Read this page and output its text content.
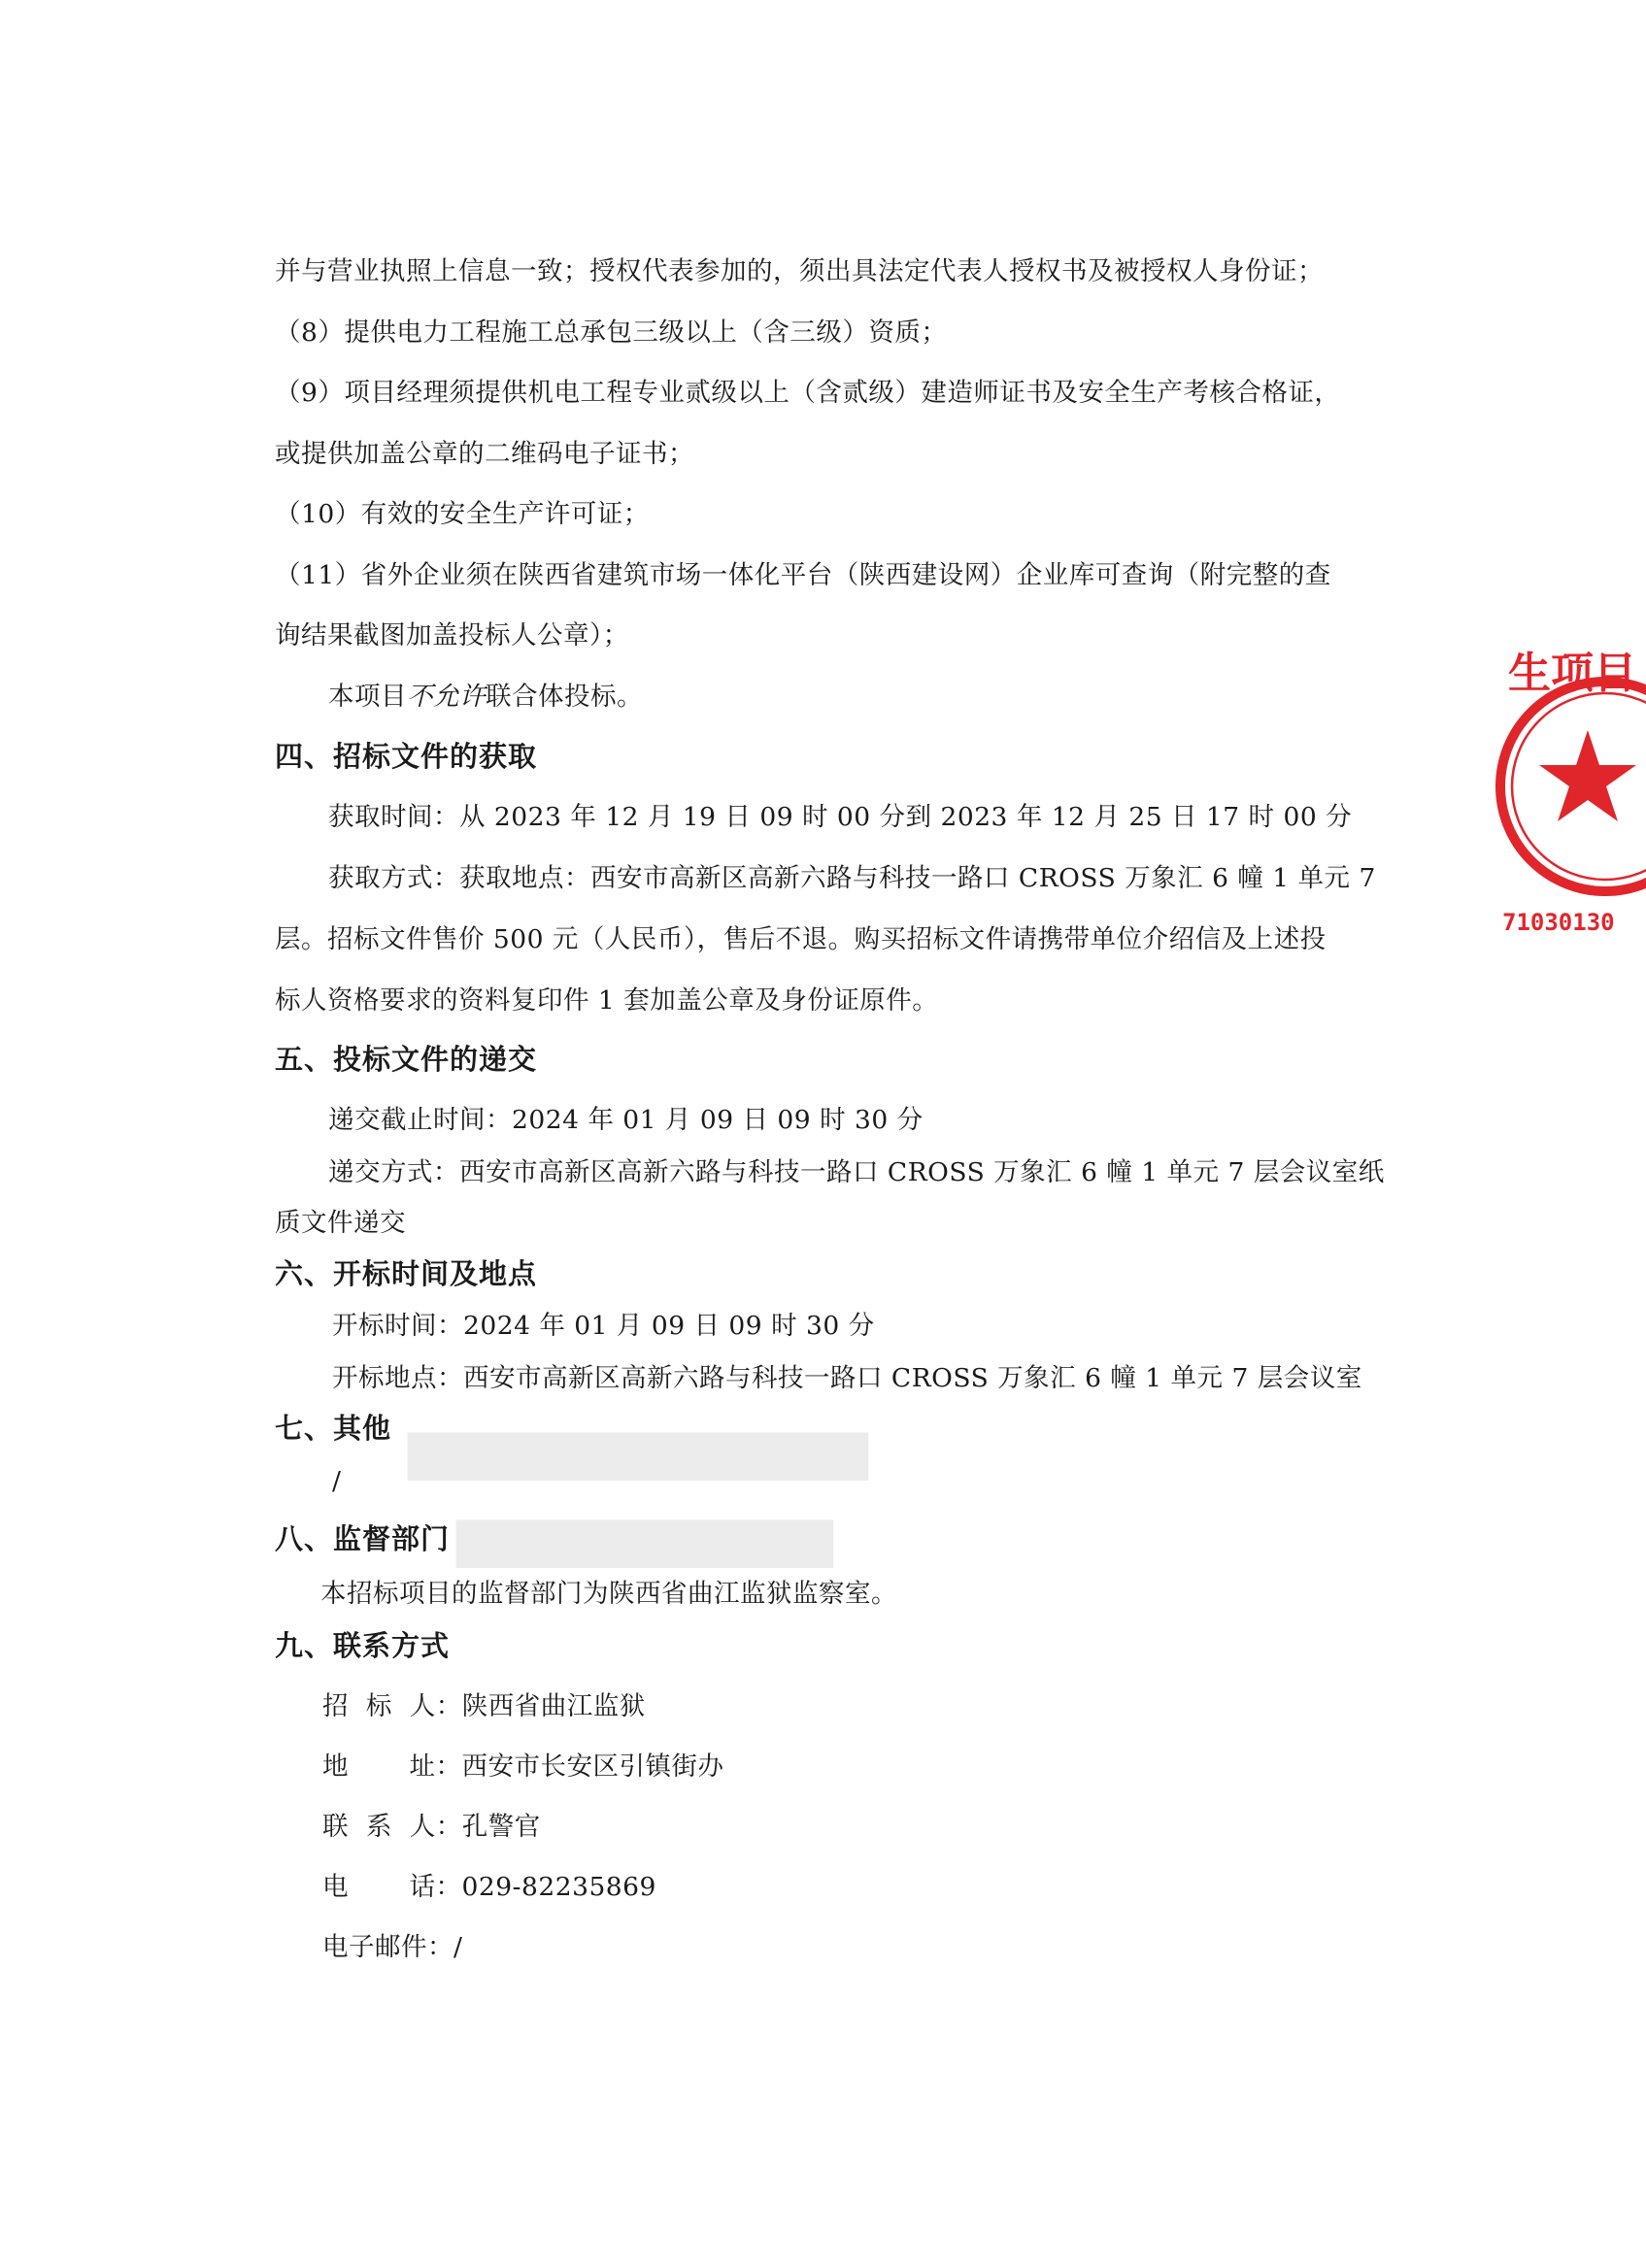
▆▆▆▆▆▆▆▆▆▆▆
▆▆▆▆▆▆▆▆▆
并与营业执照上信息一致；授权代表参加的，须出具法定代表人授权书及被授权人身份证；
（8）提供电力工程施工总承包三级以上（含三级）资质；
（9）项目经理须提供机电工程专业贰级以上（含贰级）建造师证书及安全生产考核合格证，
或提供加盖公章的二维码电子证书；
（10）有效的安全生产许可证；
（11）省外企业须在陕西省建筑市场一体化平台（陕西建设网）企业库可查询（附完整的查
询结果截图加盖投标人公章）；
本项目不允许联合体投标。
四、招标文件的获取
获取时间：从 2023 年 12 月 19 日 09 时 00 分到 2023 年 12 月 25 日 17 时 00 分
获取方式：获取地点：西安市高新区高新六路与科技一路口 CROSS 万象汇 6 幢 1 单元 7
层。招标文件售价 500 元（人民币），售后不退。购买招标文件请携带单位介绍信及上述投
标人资格要求的资料复印件 1 套加盖公章及身份证原件。
五、投标文件的递交
递交截止时间：2024 年 01 月 09 日 09 时 30 分
递交方式：西安市高新区高新六路与科技一路口 CROSS 万象汇 6 幢 1 单元 7 层会议室纸
质文件递交
六、开标时间及地点
开标时间：2024 年 01 月 09 日 09 时 30 分
开标地点：西安市高新区高新六路与科技一路口 CROSS 万象汇 6 幢 1 单元 7 层会议室
七、其他
/
八、监督部门
本招标项目的监督部门为陕西省曲江监狱监察室。
九、联系方式
招  标  人：陕西省曲江监狱
地       址：西安市长安区引镇街办
联  系  人：孔警官
电       话：029-82235869
电子邮件：/
生项目
71030130
